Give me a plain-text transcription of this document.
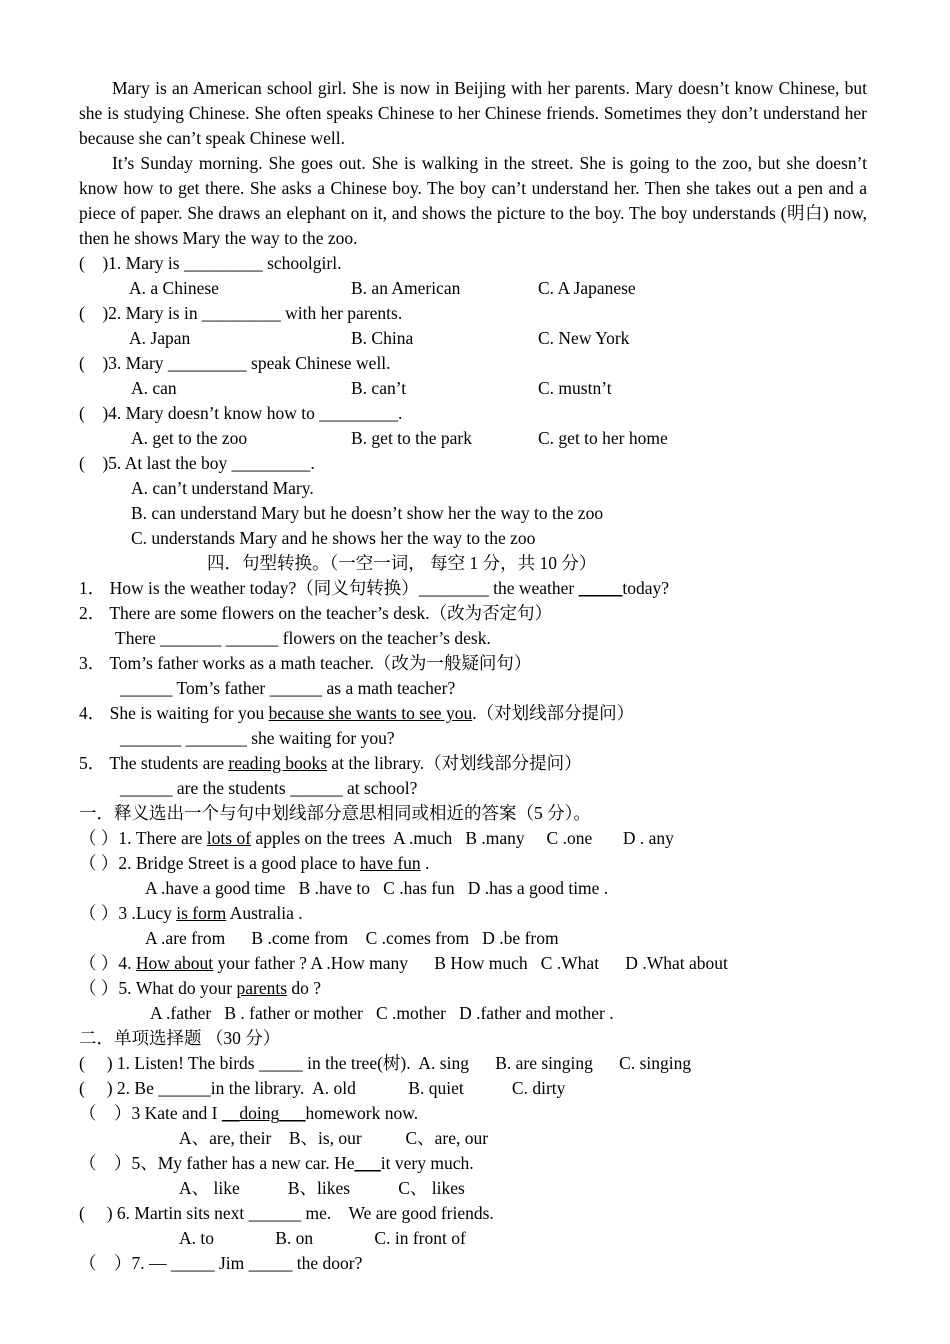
Mary is an American school girl. She is now in Beijing with her parents. Mary doesn’t know Chinese, but she is studying Chinese. She often speaks Chinese to her Chinese friends. Sometimes they don’t understand her because she can’t speak Chinese well.

It’s Sunday morning. She goes out. She is walking in the street. She is going to the zoo, but she doesn’t know how to get there. She asks a Chinese boy. The boy can’t understand her. Then she takes out a pen and a piece of paper. She draws an elephant on it, and shows the picture to the boy. The boy understands (明白) now, then he shows Mary the way to the zoo.

(    )1. Mary is _________ schoolgirl.

A. a Chinese

	B. an American

	C. A Japanese

(    )2. Mary is in _________ with her parents.

A. Japan

	B. China

	C. New York

(    )3. Mary _________ speak Chinese well.

A. can

	B. can’t

	C. mustn’t

(    )4. Mary doesn’t know how to _________.

A. get to the zoo

	B. get to the park

	C. get to her home

(    )5. At last the boy _________.
A. can’t understand Mary.
B. can understand Mary but he doesn’t show her the way to the zoo
C. understands Mary and he shows her the way to the zoo
四．句型转换。（一空一词， 每空 1 分，共 10 分）
1． How is the weather today?（同义句转换）________ the weather _____today?
2． There are some flowers on the teacher’s desk.（改为否定句）
There _______ ______ flowers on the teacher’s desk.
3． Tom’s father works as a math teacher.（改为一般疑问句）
______ Tom’s father ______ as a math teacher?
4． She is waiting for you because she wants to see you.（对划线部分提问）
_______ _______ she waiting for you?
5． The students are reading books at the library.（对划线部分提问）
______ are the students ______ at school?
一．释义选出一个与句中划线部分意思相同或相近的答案（5 分）。
（ ）1. There are lots of apples on the trees  A .much   B .many     C .one       D . any
（ ）2. Bridge Street is a good place to have fun .
A .have a good time   B .have to   C .has fun   D .has a good time .
（ ）3 .Lucy is form Australia .
A .are from      B .come from    C .comes from   D .be from
（ ）4. How about your father ? A .How many      B How much   C .What      D .What about
（ ）5. What do your parents do ?
A .father   B . father or mother   C .mother   D .father and mother .
二．单项选择题 （30 分）
(     ) 1. Listen! The birds _____ in the tree(树).  A. sing      B. are singing      C. singing
(     ) 2. Be ______in the library.  A. old            B. quiet           C. dirty
（    ）3 Kate and I __doing___homework now.
A、are, their    B、is, our          C、are, our
（    ）5、My father has a new car. He___it very much.
A、 like           B、likes           C、 likes
(     ) 6. Martin sits next ______ me.    We are good friends.
A. to              B. on              C. in front of
（    ）7. — _____ Jim _____ the door?
